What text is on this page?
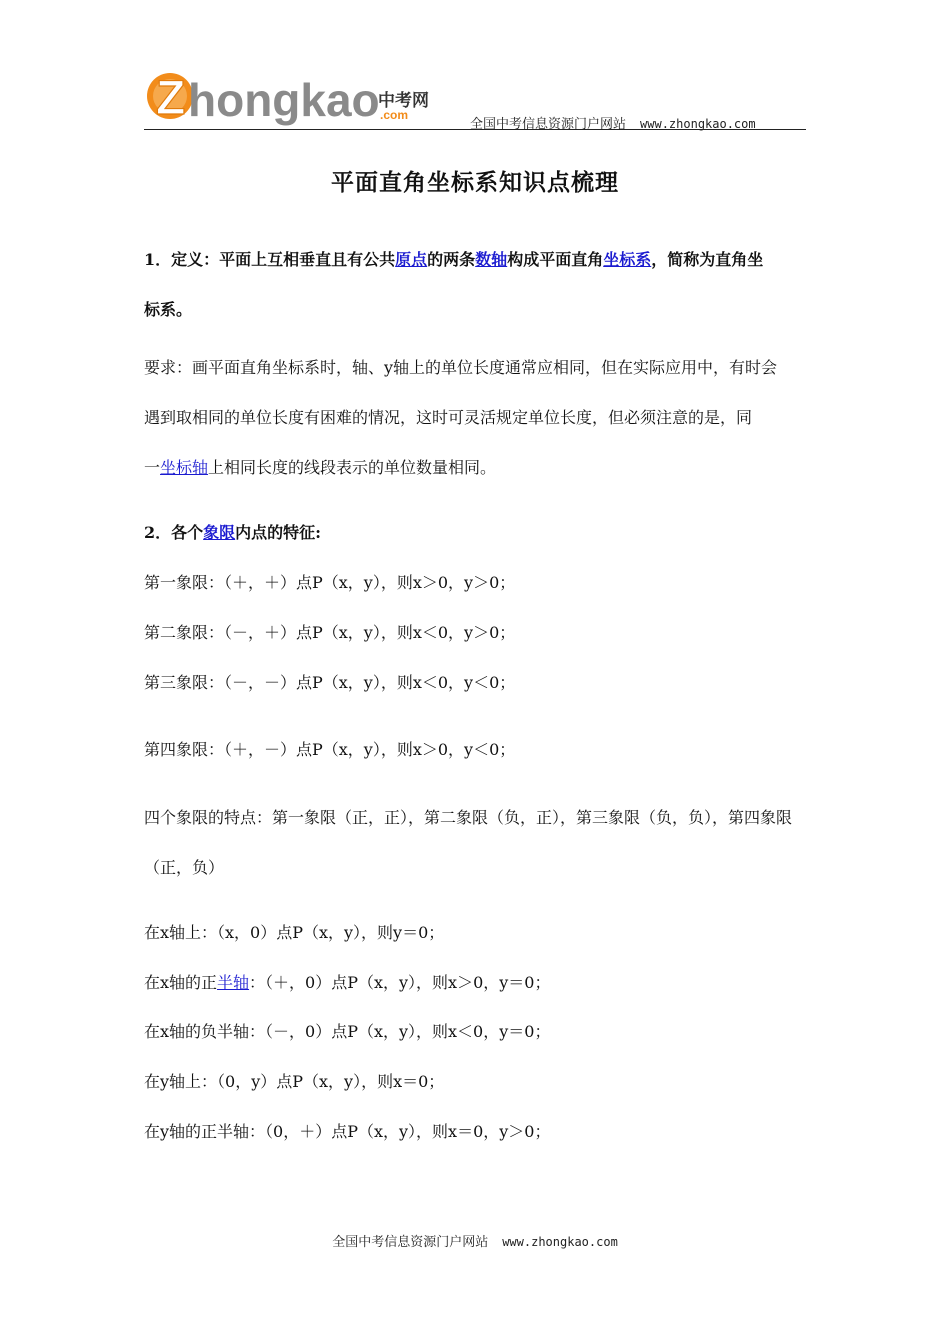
Z hongkao
中考网
.com
全国中考信息资源门户网站 www.zhongkao.com
平面直角坐标系知识点梳理
1．定义：平面上互相垂直且有公共原点的两条数轴构成平面直角坐标系，简称为直角坐
标系。
要求：画平面直角坐标系时，轴、y轴上的单位长度通常应相同，但在实际应用中，有时会
遇到取相同的单位长度有困难的情况，这时可灵活规定单位长度，但必须注意的是，同
一坐标轴上相同长度的线段表示的单位数量相同。
2．各个象限内点的特征:
第一象限：（＋，＋）点P（x，y），则x＞0，y＞0；
第二象限：（－，＋）点P（x，y），则x＜0，y＞0；
第三象限：（－，－）点P（x，y），则x＜0，y＜0；
第四象限：（＋，－）点P（x，y），则x＞0，y＜0；
四个象限的特点：第一象限（正，正），第二象限（负，正），第三象限（负，负），第四象限
（正，负）
在x轴上：（x，0）点P（x，y），则y＝0；
在x轴的正半轴：（＋，0）点P（x，y），则x＞0，y＝0；
在x轴的负半轴：（－，0）点P（x，y），则x＜0，y＝0；
在y轴上：（0，y）点P（x，y），则x＝0；
在y轴的正半轴：（0，＋）点P（x，y），则x＝0，y＞0；
全国中考信息资源门户网站 www.zhongkao.com
